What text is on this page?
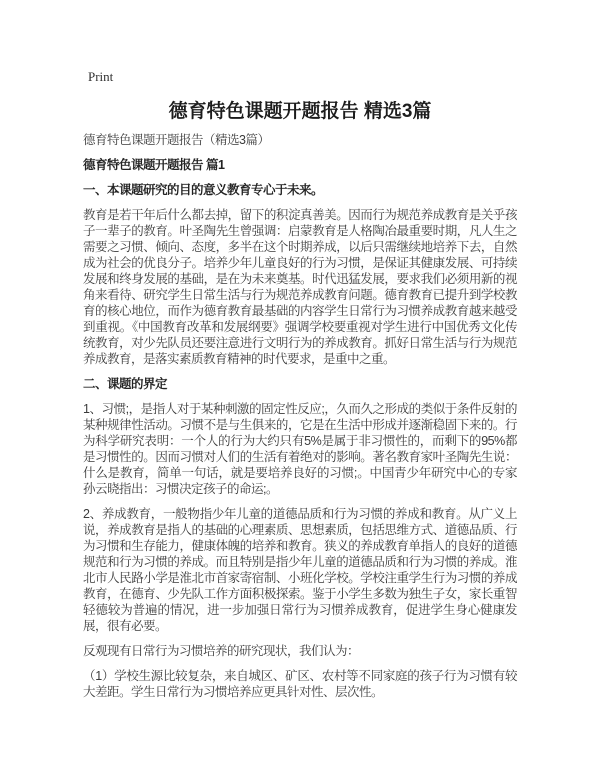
Print
德育特色课题开题报告 精选3篇

德育特色课题开题报告（精选3篇）

德育特色课题开题报告 篇1
一、本课题研究的目的意义教育专心于未来。

教育是若干年后什么都去掉，留下的积淀真善美。因而行为规范养成教育是关乎孩子一辈子的教育。叶圣陶先生曾强调：启蒙教育是人格陶冶最重要时期，凡人生之需要之习惯、倾向、态度，多半在这个时期养成，以后只需继续地培养下去，自然成为社会的优良分子。培养少年儿童良好的行为习惯，是保证其健康发展、可持续发展和终身发展的基础，是在为未来奠基。时代迅猛发展，要求我们必须用新的视角来看待、研究学生日常生活与行为规范养成教育问题。德育教育已提升到学校教育的核心地位，而作为德育教育最基础的内容学生日常行为习惯养成教育越来越受到重视。《中国教育改革和发展纲要》强调学校要重视对学生进行中国优秀文化传统教育，对少先队员还要注意进行文明行为的养成教育。抓好日常生活与行为规范养成教育，是落实素质教育精神的时代要求，是重中之重。

二、课题的界定

1、习惯;，是指人对于某种刺激的固定性反应;，久而久之形成的类似于条件反射的某种规律性活动。习惯不是与生俱来的，它是在生活中形成并逐渐稳固下来的。行为科学研究表明：一个人的行为大约只有5%是属于非习惯性的，而剩下的95%都是习惯性的。因而习惯对人们的生活有着绝对的影响。著名教育家叶圣陶先生说：什么是教育，简单一句话，就是要培养良好的习惯;。中国青少年研究中心的专家孙云晓指出：习惯决定孩子的命运;。

2、养成教育，一般物指少年儿童的道德品质和行为习惯的养成和教育。从广义上说，养成教育是指人的基础的心理素质、思想素质，包括思维方式、道德品质、行为习惯和生存能力，健康体魄的培养和教育。狭义的养成教育单指人的良好的道德规范和行为习惯的养成。而且特别是指少年儿童的道德品质和行为习惯的养成。淮北市人民路小学是淮北市首家寄宿制、小班化学校。学校注重学生行为习惯的养成教育，在德育、少先队工作方面积极探索。鉴于小学生多数为独生子女，家长重智轻德较为普遍的情况，进一步加强日常行为习惯养成教育，促进学生身心健康发展，很有必要。

反观现有日常行为习惯培养的研究现状，我们认为：

（1）学校生源比较复杂，来自城区、矿区、农村等不同家庭的孩子行为习惯有较大差距。学生日常行为习惯培养应更具针对性、层次性。
